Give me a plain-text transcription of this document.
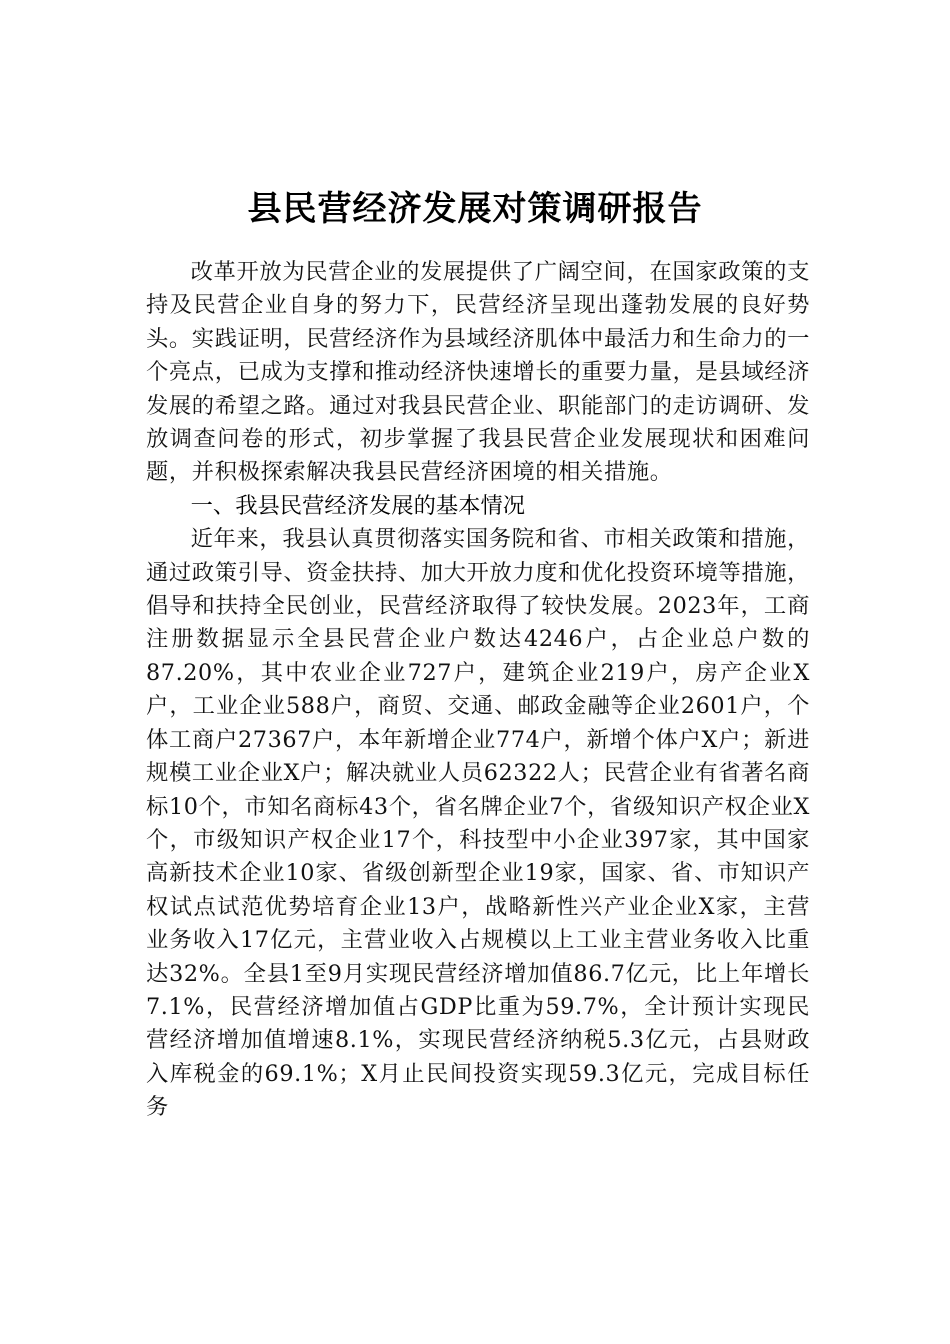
县民营经济发展对策调研报告

改革开放为民营企业的发展提供了广阔空间，在国家政策的支持及民营企业自身的努力下，民营经济呈现出蓬勃发展的良好势头。实践证明，民营经济作为县域经济肌体中最活力和生命力的一个亮点，已成为支撑和推动经济快速增长的重要力量，是县域经济发展的希望之路。通过对我县民营企业、职能部门的走访调研、发放调查问卷的形式，初步掌握了我县民营企业发展现状和困难问题，并积极探索解决我县民营经济困境的相关措施。

一、我县民营经济发展的基本情况

近年来，我县认真贯彻落实国务院和省、市相关政策和措施，通过政策引导、资金扶持、加大开放力度和优化投资环境等措施，倡导和扶持全民创业，民营经济取得了较快发展。2023年，工商注册数据显示全县民营企业户数达4246户，占企业总户数的87.20%，其中农业企业727户，建筑企业219户，房产企业X户，工业企业588户，商贸、交通、邮政金融等企业2601户，个体工商户27367户，本年新增企业774户，新增个体户X户；新进规模工业企业X户；解决就业人员62322人；民营企业有省著名商标10个，市知名商标43个，省名牌企业7个，省级知识产权企业X个，市级知识产权企业17个，科技型中小企业397家，其中国家高新技术企业10家、省级创新型企业19家，国家、省、市知识产权试点试范优势培育企业13户，战略新性兴产业企业X家，主营业务收入17亿元，主营业收入占规模以上工业主营业务收入比重达32%。全县1至9月实现民营经济增加值86.7亿元，比上年增长7.1%，民营经济增加值占GDP比重为59.7%，全计预计实现民营经济增加值增速8.1%，实现民营经济纳税5.3亿元，占县财政入库税金的69.1%；X月止民间投资实现59.3亿元，完成目标任务
